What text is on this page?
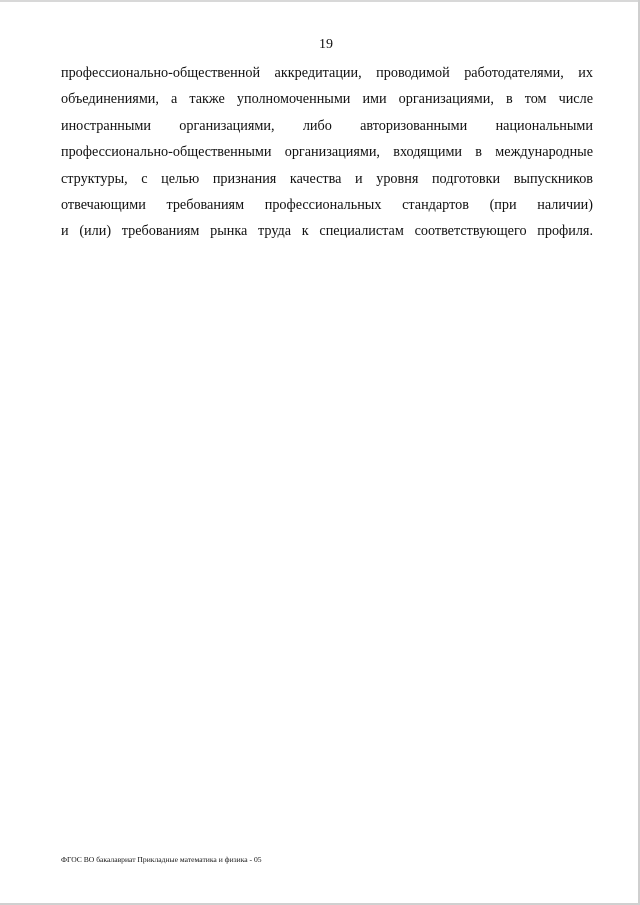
19
профессионально-общественной аккредитации, проводимой работодателями, их
объединениями, а также уполномоченными ими организациями, в том числе
иностранными организациями, либо авторизованными национальными
профессионально-общественными организациями, входящими в международные
структуры, с целью признания качества и уровня подготовки выпускников
отвечающими требованиям профессиональных стандартов (при наличии)
и (или) требованиям рынка труда к специалистам соответствующего профиля.
ФГОС ВО бакалавриат Прикладные математика и физика - 05
